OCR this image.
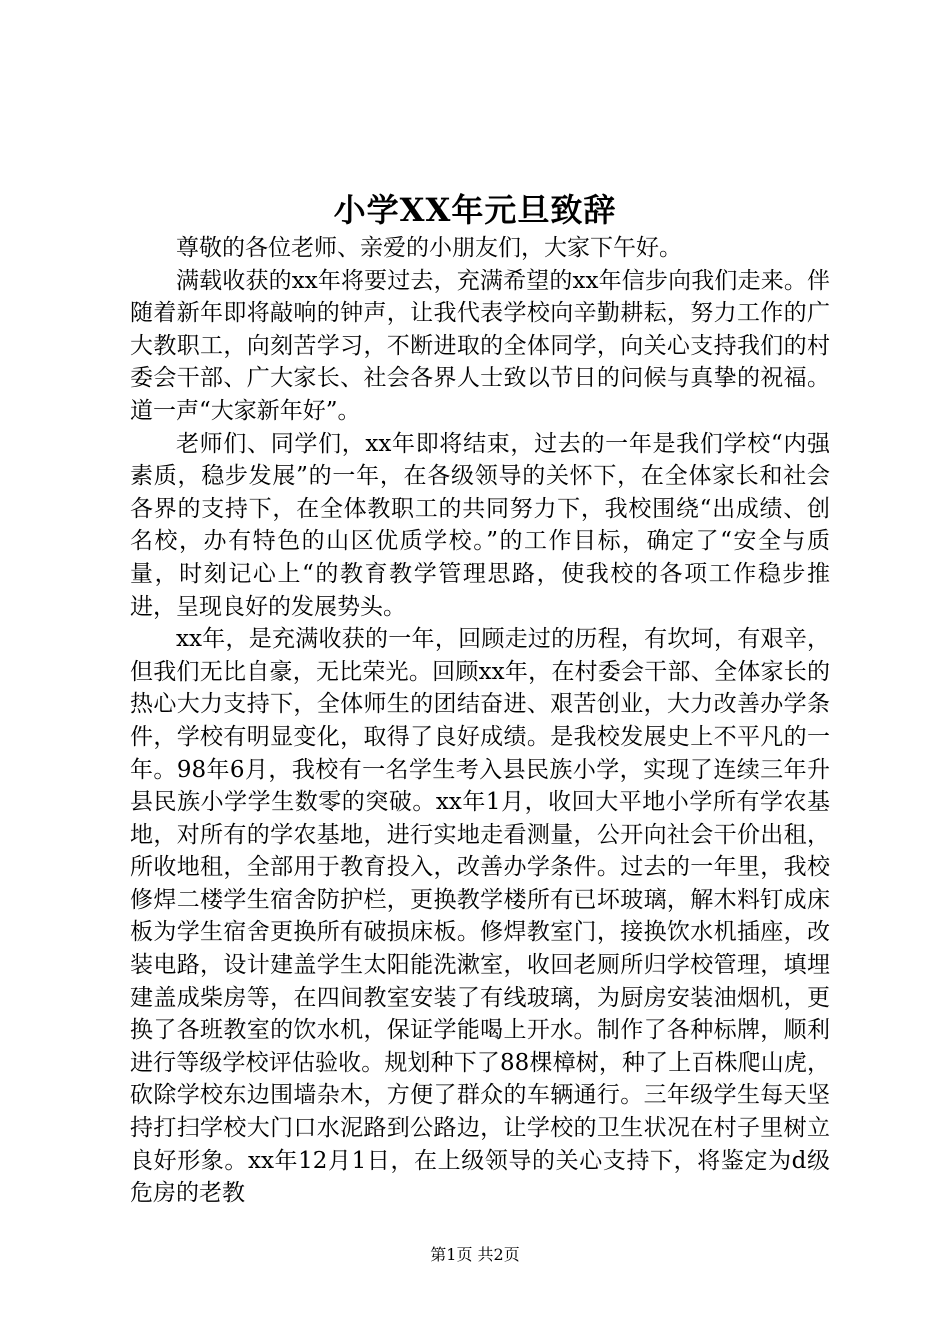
小学XX年元旦致辞

尊敬的各位老师、亲爱的小朋友们，大家下午好。

满载收获的xx年将要过去，充满希望的xx年信步向我们走来。伴随着新年即将敲响的钟声，让我代表学校向辛勤耕耘，努力工作的广大教职工，向刻苦学习，不断进取的全体同学，向关心支持我们的村委会干部、广大家长、社会各界人士致以节日的问候与真挚的祝福。道一声“大家新年好”。

老师们、同学们，xx年即将结束，过去的一年是我们学校“内强素质，稳步发展”的一年，在各级领导的关怀下，在全体家长和社会各界的支持下，在全体教职工的共同努力下，我校围绕“出成绩、创名校，办有特色的山区优质学校。”的工作目标，确定了“安全与质量，时刻记心上“的教育教学管理思路，使我校的各项工作稳步推进，呈现良好的发展势头。

xx年，是充满收获的一年，回顾走过的历程，有坎坷，有艰辛，但我们无比自豪，无比荣光。回顾xx年，在村委会干部、全体家长的热心大力支持下，全体师生的团结奋进、艰苦创业，大力改善办学条件，学校有明显变化，取得了良好成绩。是我校发展史上不平凡的一年。98年6月，我校有一名学生考入县民族小学，实现了连续三年升县民族小学学生数零的突破。xx年1月，收回大平地小学所有学农基地，对所有的学农基地，进行实地走看测量，公开向社会干价出租，所收地租，全部用于教育投入，改善办学条件。过去的一年里，我校修焊二楼学生宿舍防护栏，更换教学楼所有已坏玻璃，解木料钉成床板为学生宿舍更换所有破损床板。修焊教室门，接换饮水机插座，改装电路，设计建盖学生太阳能洗漱室，收回老厕所归学校管理，填埋建盖成柴房等，在四间教室安装了有线玻璃，为厨房安装油烟机，更换了各班教室的饮水机，保证学能喝上开水。制作了各种标牌，顺利进行等级学校评估验收。规划种下了88棵樟树，种了上百株爬山虎，砍除学校东边围墙杂木，方便了群众的车辆通行。三年级学生每天坚持打扫学校大门口水泥路到公路边，让学校的卫生状况在村子里树立良好形象。xx年12月1日，在上级领导的关心支持下，将鉴定为d级危房的老教

第1页 共2页
